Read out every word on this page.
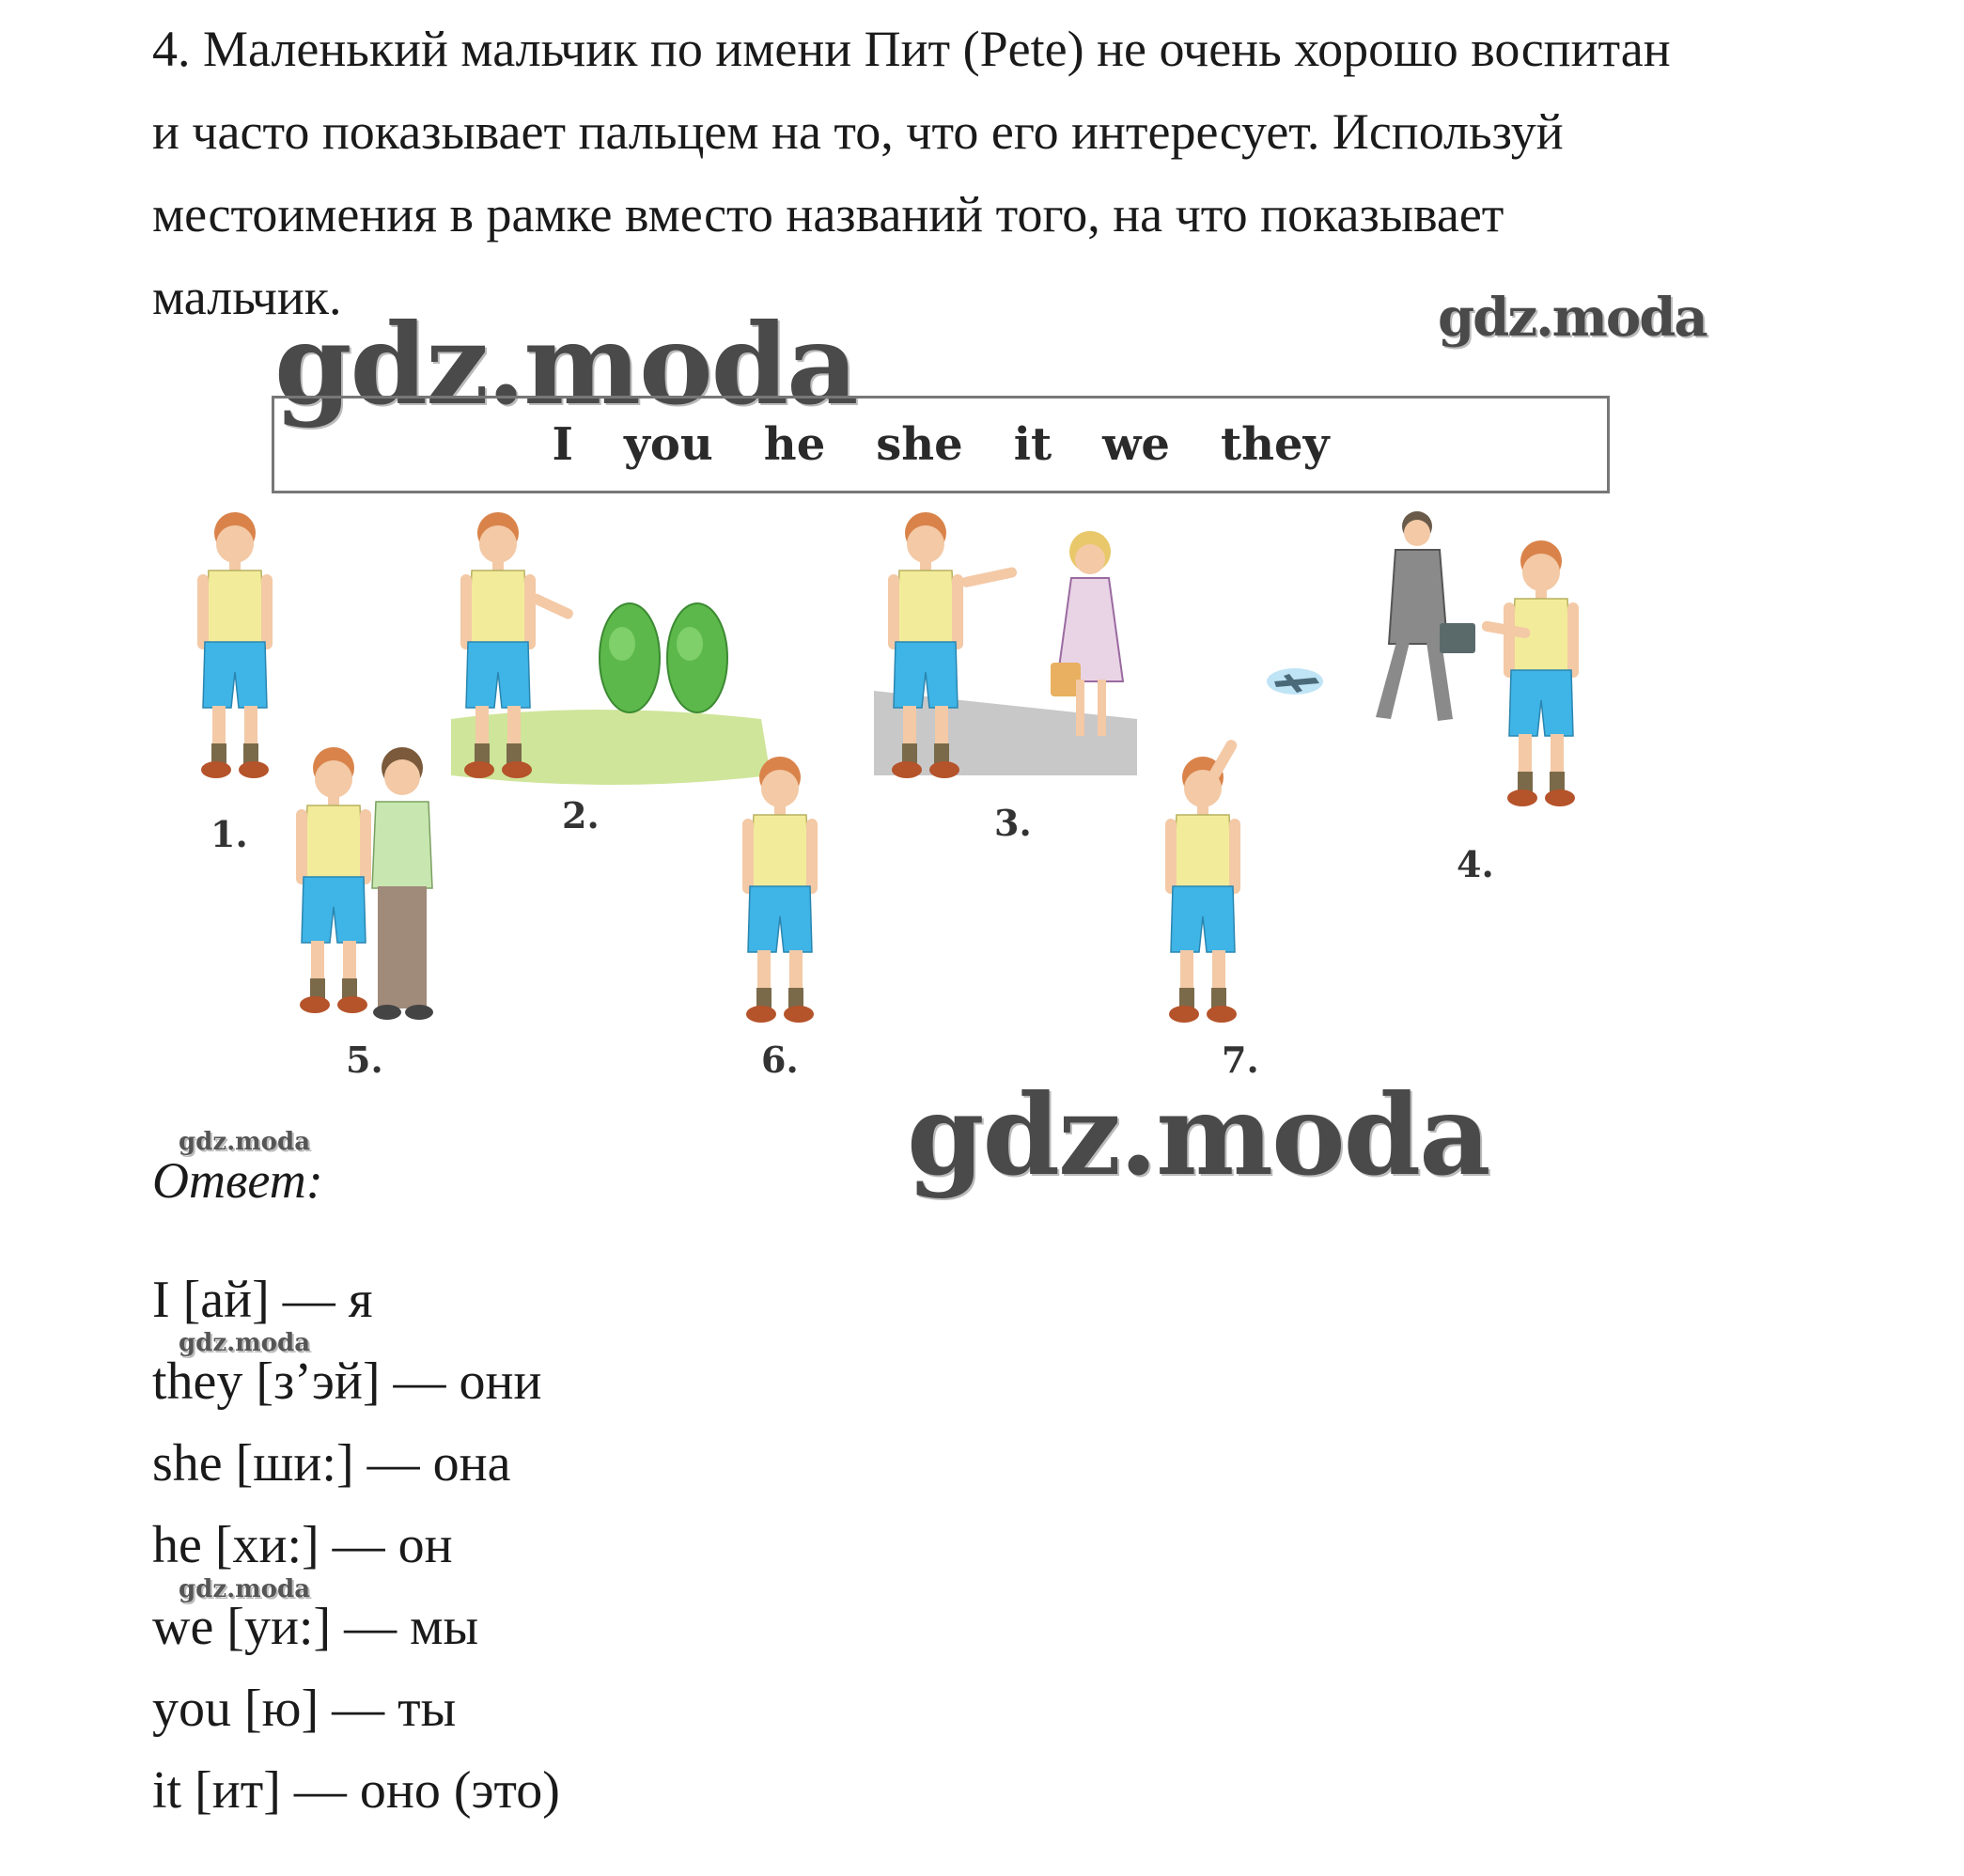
4. Маленький мальчик по имени Пит (Pete) не очень хорошо воспитан

и часто показывает пальцем на то, что его интересует. Используй

местоимения в рамке вместо названий того, на что показывает

мальчик.

gdz.moda	gdz.moda
gdz.moda
gdz.moda
gdz.moda
gdz.moda
I you he she it we they
1.	2.	3.
4.
5.	6.	7.
Ответ:
I [ай] — я
they [з’эй] — они
she [ши:] — она
he [хи:] — он
we [уи:] — мы
you [ю] — ты
it [ит] — оно (это)
